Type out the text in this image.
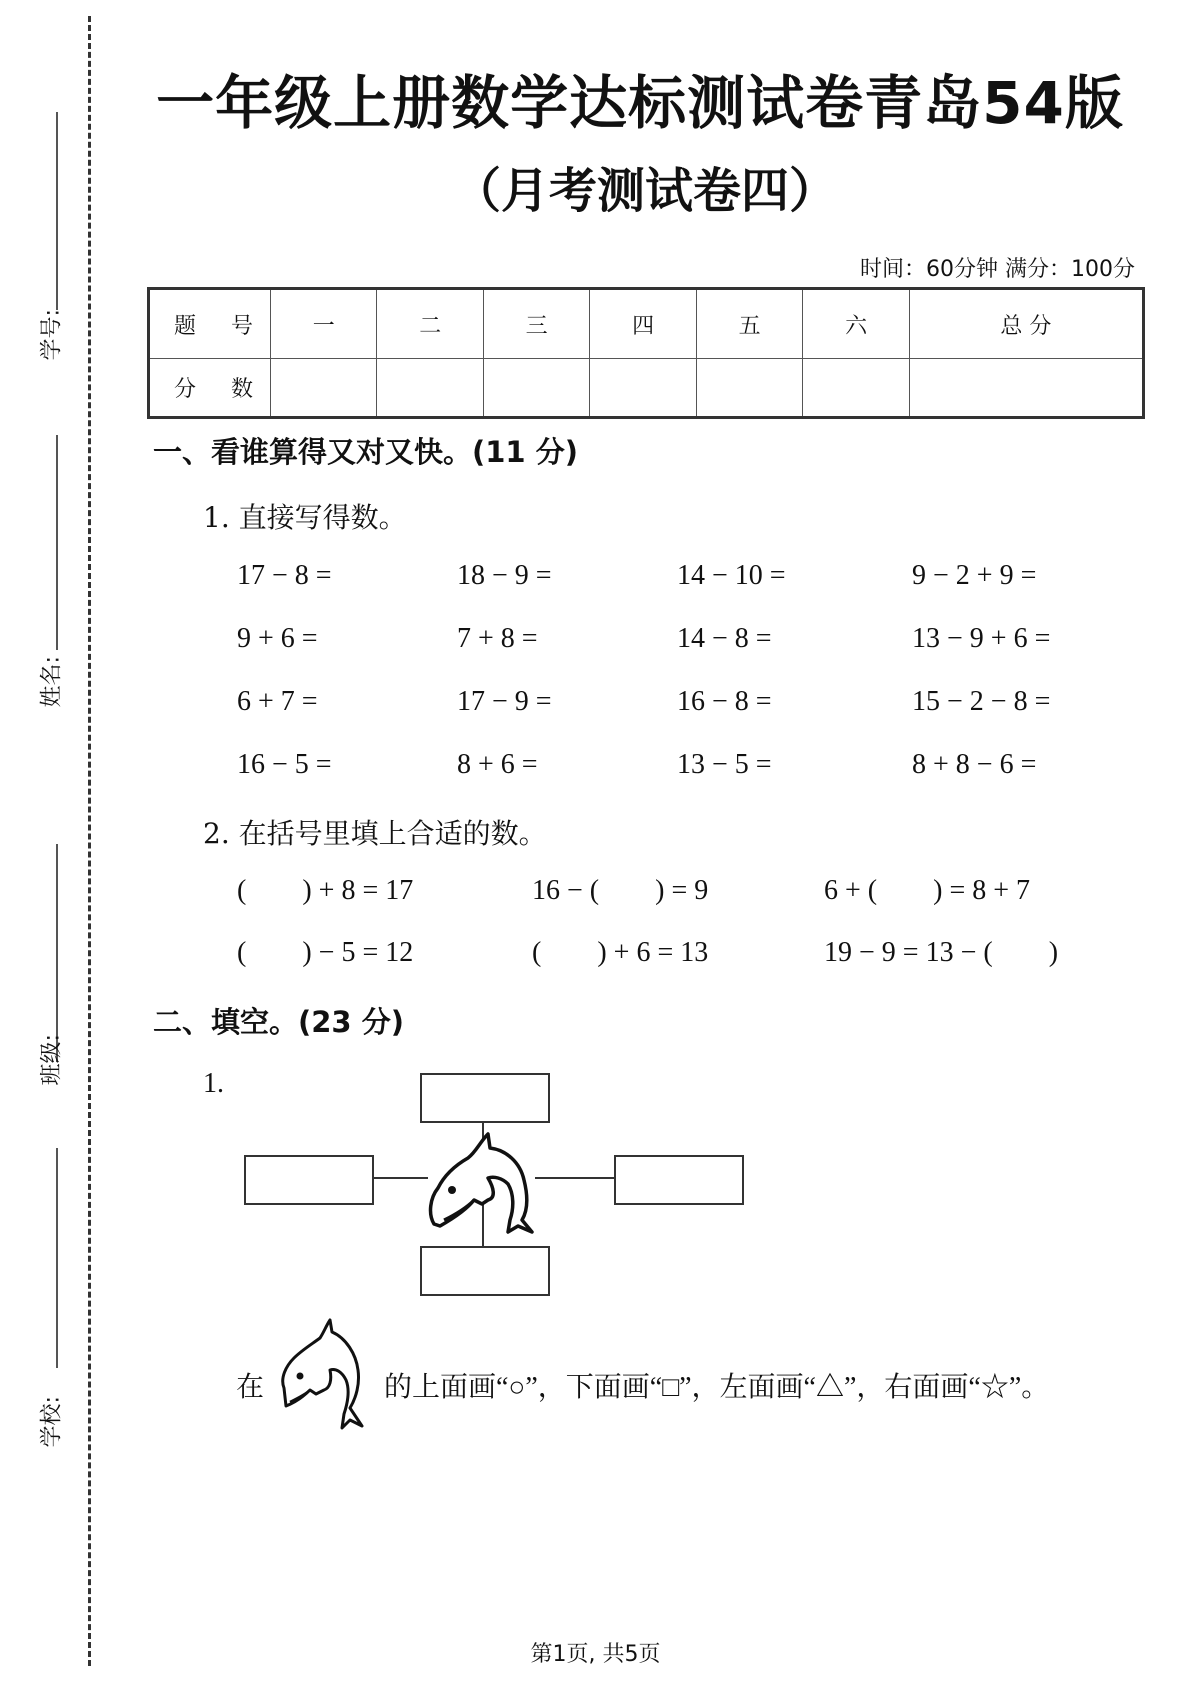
学号:
姓名:
班级:
学校:
一年级上册数学达标测试卷青岛54版
（月考测试卷四）
时间：60分钟 满分：100分
题 号	一	二	三	四	五	六	总 分
分 数							
一、看谁算得又对又快。(11 分)
1. 直接写得数。
17 − 8 =	18 − 9 =	14 − 10 =	9 − 2 + 9 =
9 + 6 =	7 + 8 =	14 − 8 =	13 − 9 + 6 =
6 + 7 =	17 − 9 =	16 − 8 =	15 − 2 − 8 =
16 − 5 =	8 + 6 =	13 − 5 =	8 + 8 − 6 =
2. 在括号里填上合适的数。
(        ) + 8 = 17	16 − (        ) = 9	6 + (        ) = 8 + 7
(        ) − 5 = 12	(        ) + 6 = 13	19 − 9 = 13 − (        )
二、填空。(23 分)
1.
在	的上面画“○”，下面画“□”，左面画“△”，右面画“☆”。
第1页, 共5页
